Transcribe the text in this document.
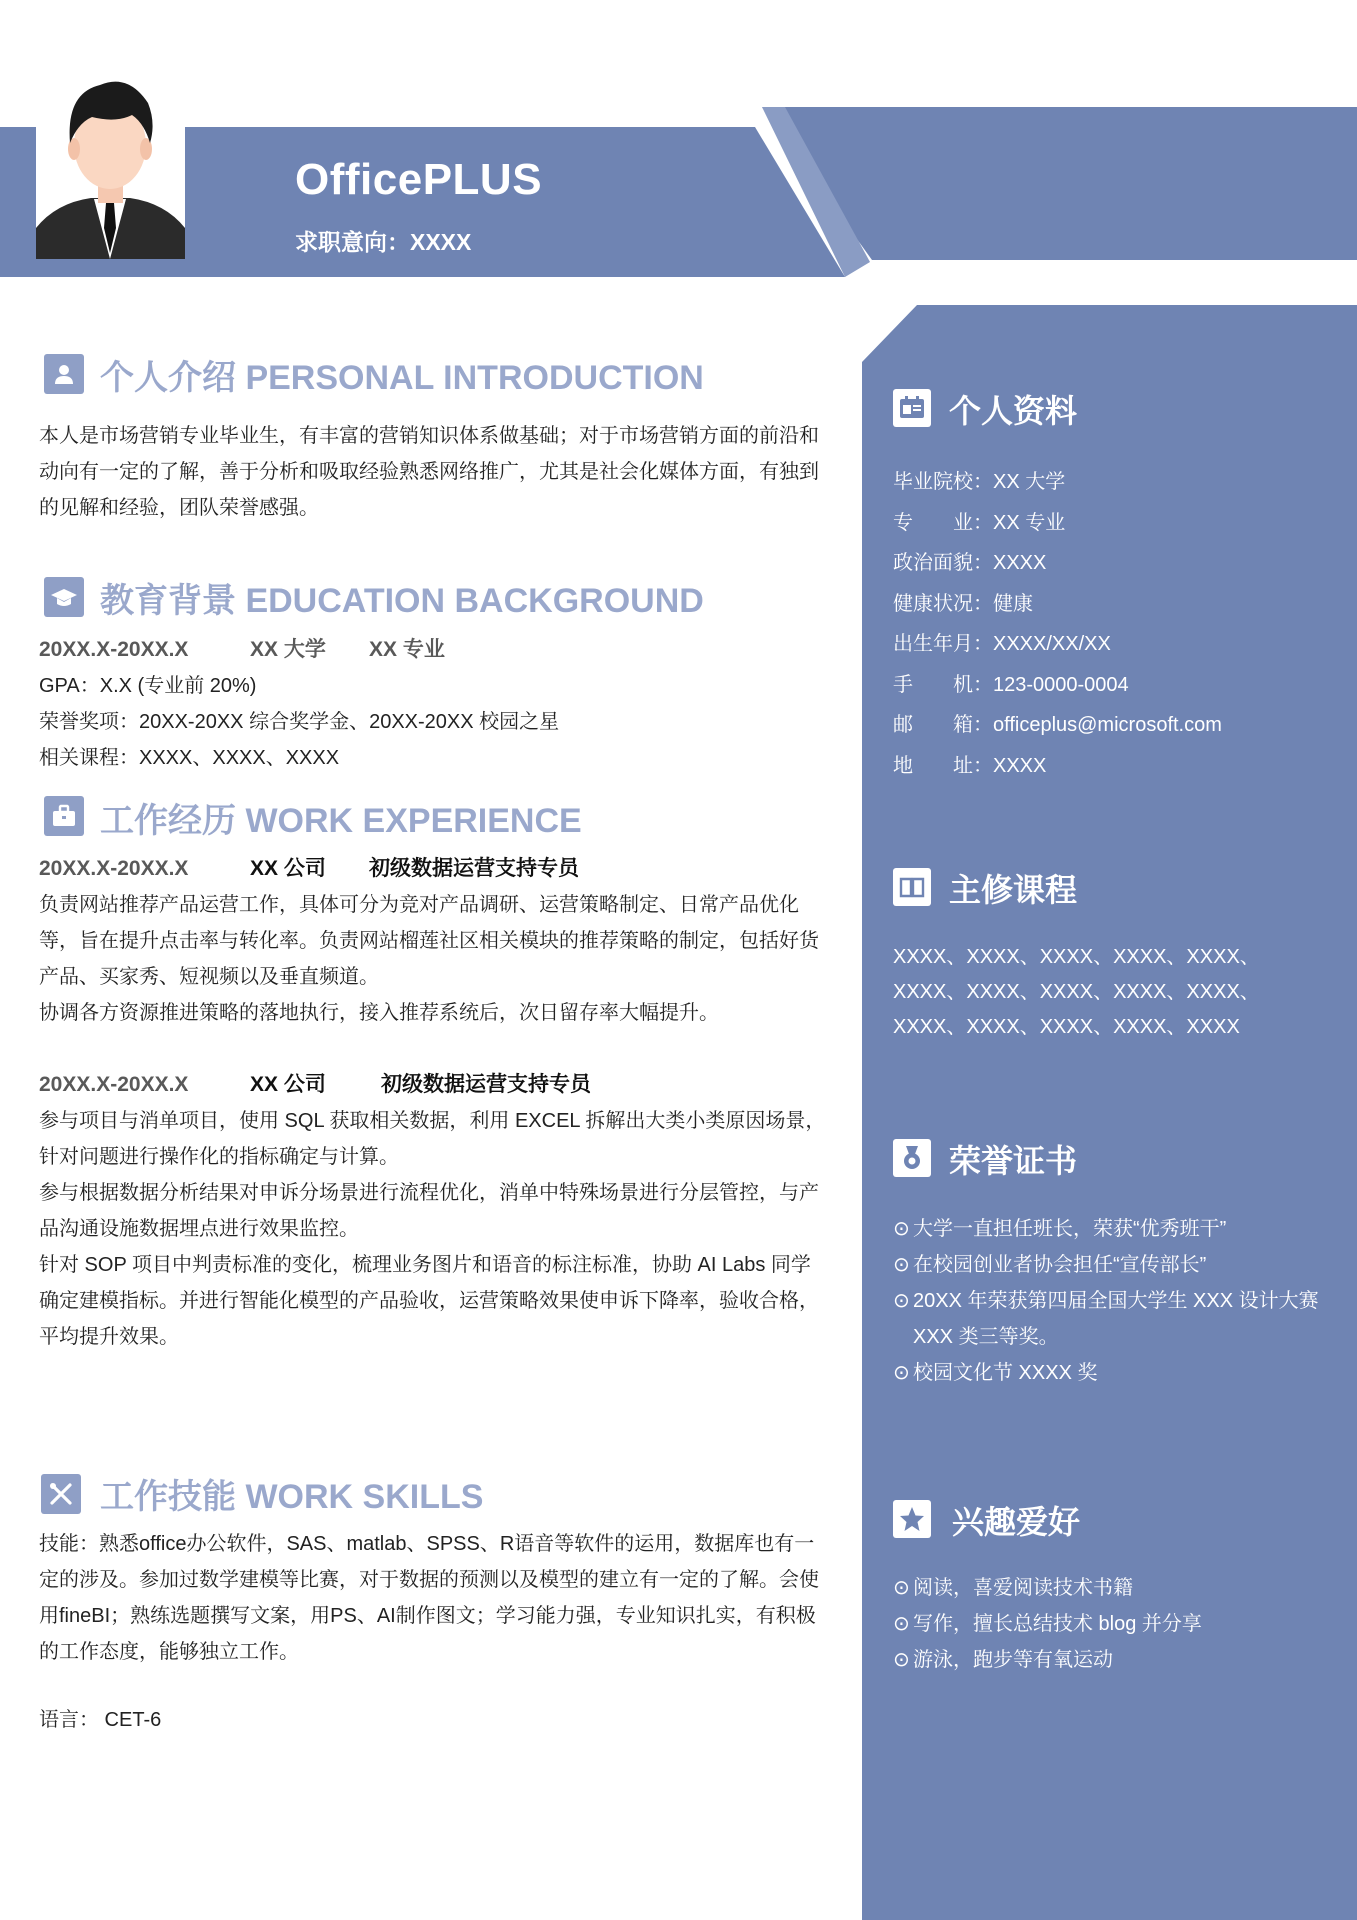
OfficePLUS
求职意向：XXXX
个人介绍 PERSONAL INTRODUCTION
本人是市场营销专业毕业生，有丰富的营销知识体系做基础；对于市场营销方面的前沿和动向有一定的了解，善于分析和吸取经验熟悉网络推广，尤其是社会化媒体方面，有独到的见解和经验，团队荣誉感强。
教育背景 EDUCATION BACKGROUND
20XX.X-20XX.X	XX 大学 XX 专业
GPA：X.X (专业前 20%)
荣誉奖项：20XX-20XX 综合奖学金、20XX-20XX 校园之星
相关课程：XXXX、XXXX、XXXX
工作经历 WORK EXPERIENCE
20XX.X-20XX.X	XX 公司 初级数据运营支持专员
负责网站推荐产品运营工作，具体可分为竞对产品调研、运营策略制定、日常产品优化等，旨在提升点击率与转化率。负责网站榴莲社区相关模块的推荐策略的制定，包括好货产品、买家秀、短视频以及垂直频道。
协调各方资源推进策略的落地执行，接入推荐系统后，次日留存率大幅提升。
20XX.X-20XX.X	XX 公司	初级数据运营支持专员
参与项目与消单项目，使用 SQL 获取相关数据，利用 EXCEL 拆解出大类小类原因场景，针对问题进行操作化的指标确定与计算。
参与根据数据分析结果对申诉分场景进行流程优化，消单中特殊场景进行分层管控，与产品沟通设施数据埋点进行效果监控。
针对 SOP 项目中判责标准的变化，梳理业务图片和语音的标注标准，协助 AI Labs 同学确定建模指标。并进行智能化模型的产品验收，运营策略效果使申诉下降率，验收合格，平均提升效果。
工作技能 WORK SKILLS
技能：熟悉office办公软件，SAS、matlab、SPSS、R语音等软件的运用，数据库也有一定的涉及。参加过数学建模等比赛，对于数据的预测以及模型的建立有一定的了解。会使用fineBI；熟练选题撰写文案，用PS、AI制作图文；学习能力强，专业知识扎实，有积极的工作态度，能够独立工作。
语言： CET-6
个人资料
毕业院校：XX 大学
专　　业：XX 专业
政治面貌：XXXX
健康状况：健康
出生年月：XXXX/XX/XX
手　　机：123-0000-0004
邮　　箱：officeplus@microsoft.com
地　　址：XXXX
主修课程
XXXX、XXXX、XXXX、XXXX、XXXX、XXXX、XXXX、XXXX、XXXX、XXXX、XXXX、XXXX、XXXX、XXXX、XXXX
荣誉证书
⊙ 大学一直担任班长，荣获“优秀班干”
⊙ 在校园创业者协会担任“宣传部长”
⊙ 20XX 年荣获第四届全国大学生 XXX 设计大赛 XXX 类三等奖。
⊙ 校园文化节 XXXX 奖
兴趣爱好
⊙ 阅读，喜爱阅读技术书籍
⊙ 写作，擅长总结技术 blog 并分享
⊙ 游泳，跑步等有氧运动
